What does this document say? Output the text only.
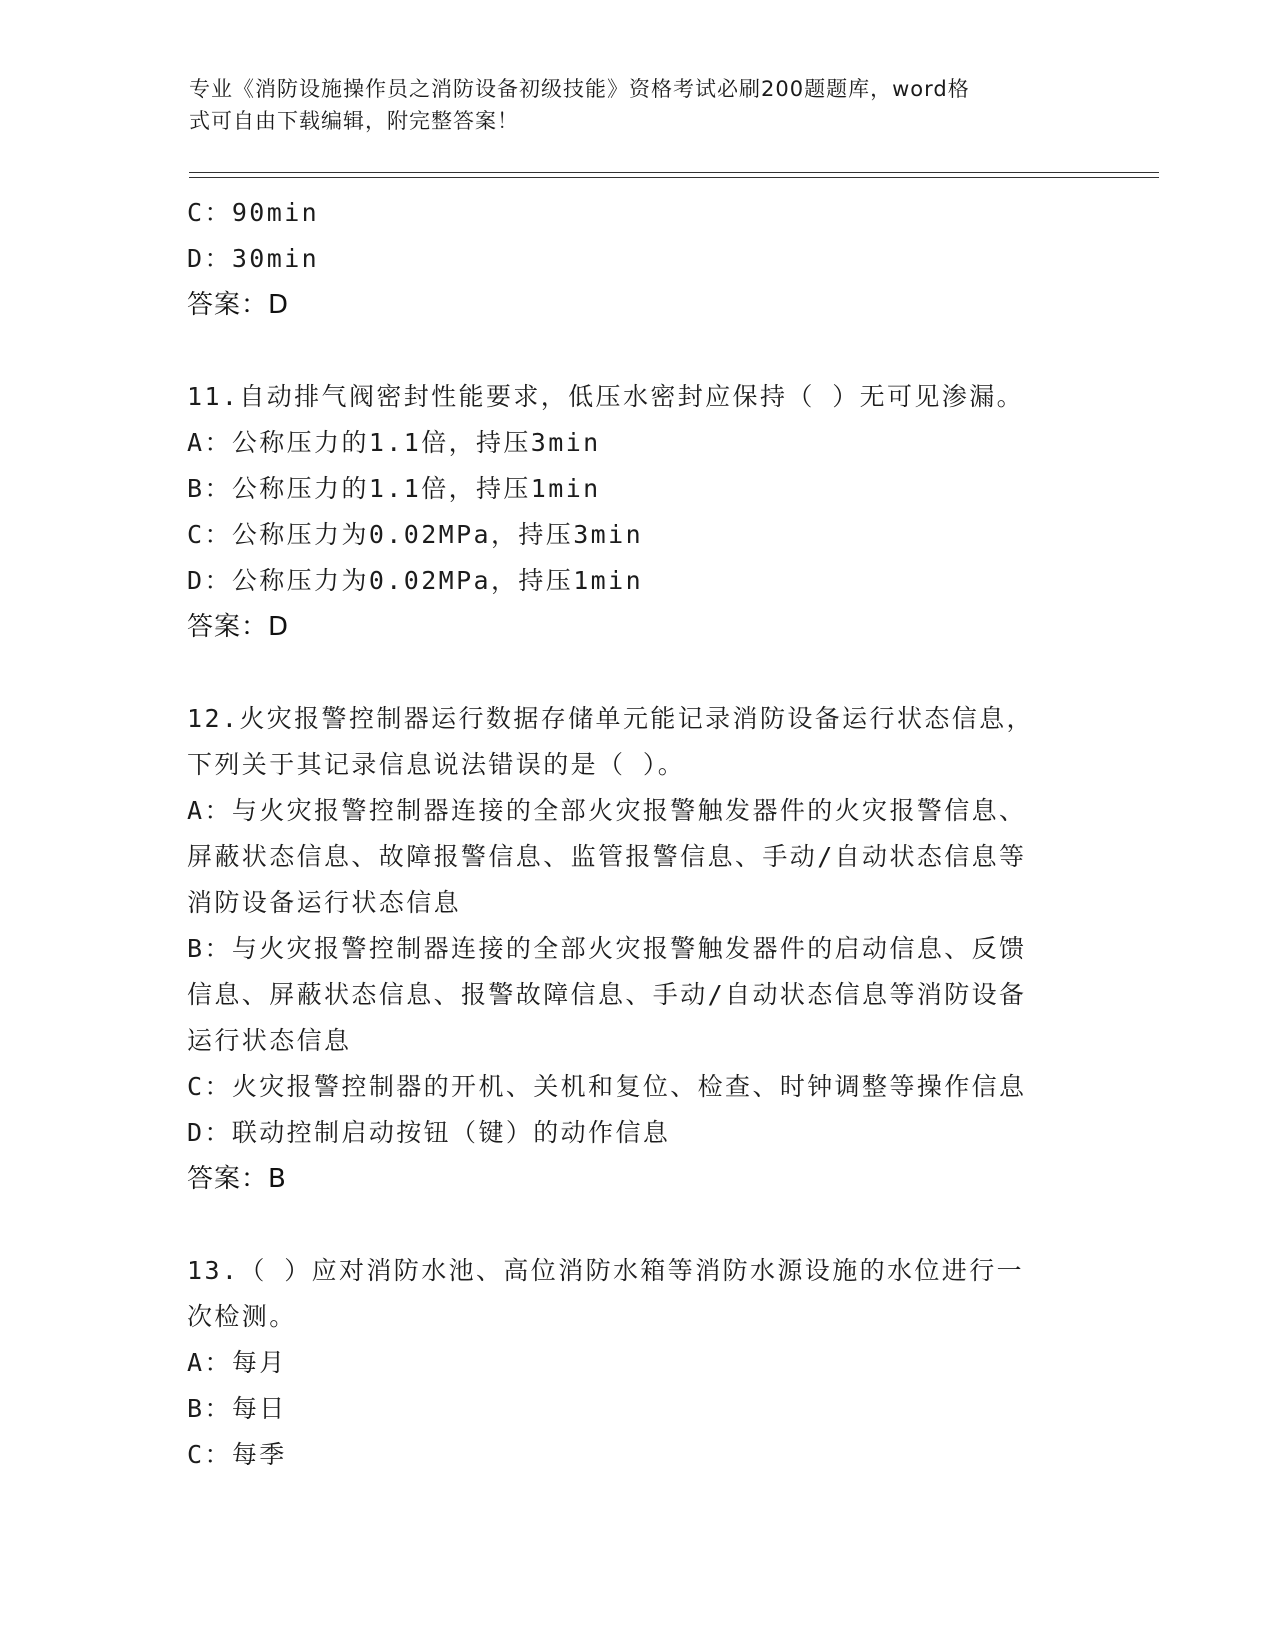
专业《消防设施操作员之消防设备初级技能》资格考试必刷200题题库，word格
式可自由下载编辑，附完整答案！
C：90min
D：30min
答案：D
11.自动排气阀密封性能要求，低压水密封应保持（ ）无可见渗漏。
A：公称压力的1.1倍，持压3min
B：公称压力的1.1倍，持压1min
C：公称压力为0.02MPa，持压3min
D：公称压力为0.02MPa，持压1min
答案：D
12.火灾报警控制器运行数据存储单元能记录消防设备运行状态信息，
下列关于其记录信息说法错误的是（ ）。
A：与火灾报警控制器连接的全部火灾报警触发器件的火灾报警信息、
屏蔽状态信息、故障报警信息、监管报警信息、手动/自动状态信息等
消防设备运行状态信息
B：与火灾报警控制器连接的全部火灾报警触发器件的启动信息、反馈
信息、屏蔽状态信息、报警故障信息、手动/自动状态信息等消防设备
运行状态信息
C：火灾报警控制器的开机、关机和复位、检查、时钟调整等操作信息
D：联动控制启动按钮（键）的动作信息
答案：B
13.（ ）应对消防水池、高位消防水箱等消防水源设施的水位进行一
次检测。
A：每月
B：每日
C：每季
